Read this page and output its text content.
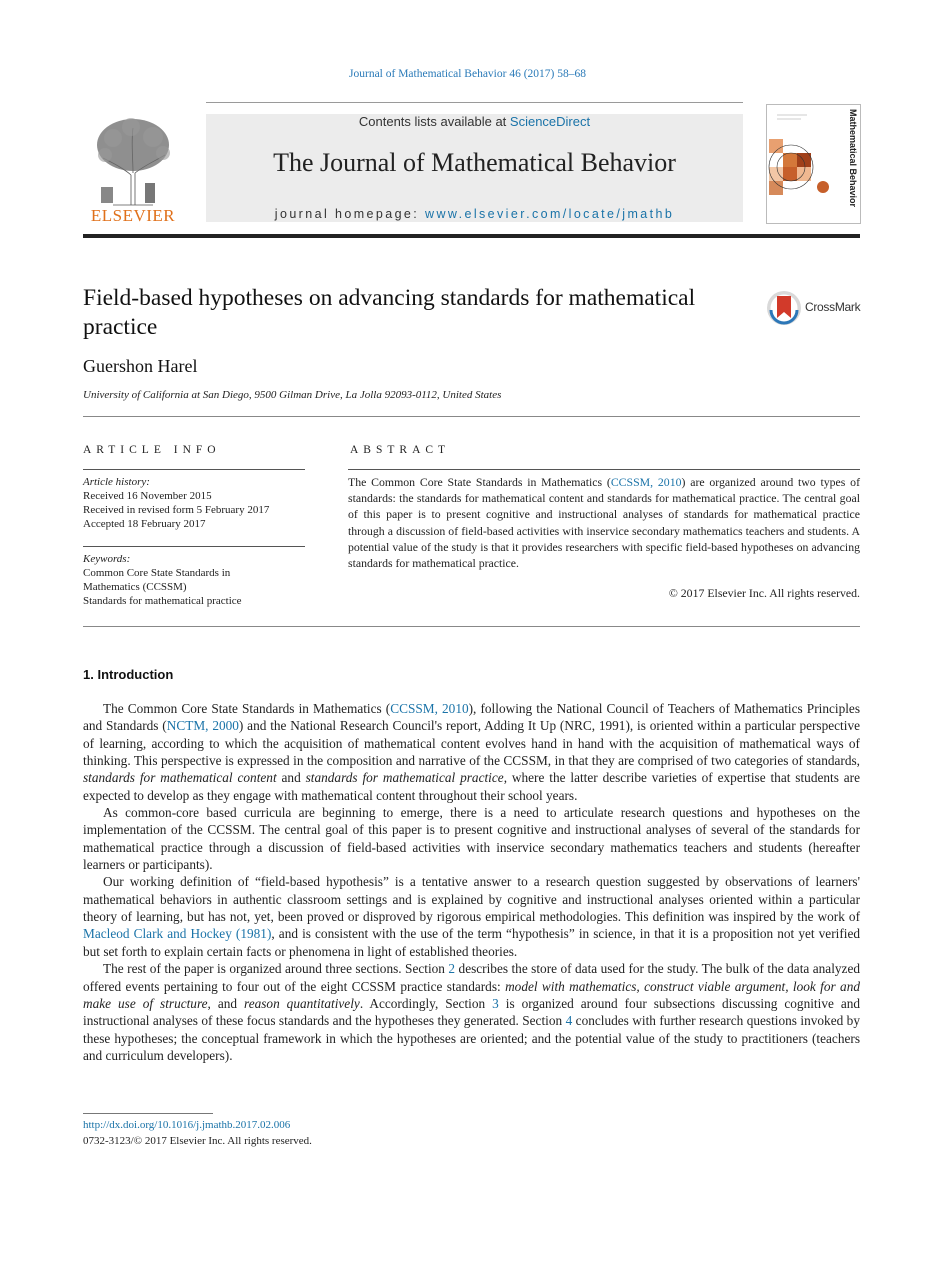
Journal of Mathematical Behavior 46 (2017) 58–68
ELSEVIER
Contents lists available at ScienceDirect
The Journal of Mathematical Behavior
journal homepage: www.elsevier.com/locate/jmathb
Mathematical Behavior
Field-based hypotheses on advancing standards for mathematical practice
CrossMark
Guershon Harel
University of California at San Diego, 9500 Gilman Drive, La Jolla 92093-0112, United States
ARTICLE INFO	ABSTRACT
Article history:
Received 16 November 2015
Received in revised form 5 February 2017
Accepted 18 February 2017
Keywords:
Common Core State Standards in Mathematics (CCSSM)
Standards for mathematical practice
The Common Core State Standards in Mathematics (CCSSM, 2010) are organized around two types of standards: the standards for mathematical content and standards for mathematical practice. The central goal of this paper is to present cognitive and instructional analyses of standards for mathematical practice through a discussion of field-based activities with inservice secondary mathematics teachers and students. A potential value of the study is that it provides researchers with specific field-based hypotheses on advancing standards for mathematical practice.
© 2017 Elsevier Inc. All rights reserved.
1. Introduction

The Common Core State Standards in Mathematics (CCSSM, 2010), following the National Council of Teachers of Mathematics Principles and Standards (NCTM, 2000) and the National Research Council's report, Adding It Up (NRC, 1991), is oriented within a particular perspective of learning, according to which the acquisition of mathematical content evolves hand in hand with the acquisition of mathematical ways of thinking. This perspective is expressed in the composition and narrative of the CCSSM, in that they are comprised of two categories of standards, standards for mathematical content and standards for mathematical practice, where the latter describe varieties of expertise that students are expected to develop as they engage with mathematical content throughout their school years.

As common-core based curricula are beginning to emerge, there is a need to articulate research questions and hypotheses on the implementation of the CCSSM. The central goal of this paper is to present cognitive and instructional analyses of several of the standards for mathematical practice through a discussion of field-based activities with inservice secondary mathematics teachers and students (hereafter learners or participants).

Our working definition of “field-based hypothesis” is a tentative answer to a research question suggested by observations of learners' mathematical behaviors in authentic classroom settings and is explained by cognitive and instructional analyses oriented within a particular theory of learning, but has not, yet, been proved or disproved by rigorous empirical methodologies. This definition was inspired by the work of Macleod Clark and Hockey (1981), and is consistent with the use of the term “hypothesis” in science, in that it is a proposition not yet verified but set forth to explain certain facts or phenomena in light of established theories.

The rest of the paper is organized around three sections. Section 2 describes the store of data used for the study. The bulk of the data analyzed offered events pertaining to four out of the eight CCSSM practice standards: model with mathematics, construct viable argument, look for and make use of structure, and reason quantitatively. Accordingly, Section 3 is organized around four subsections discussing cognitive and instructional analyses of these focus standards and the hypotheses they generated. Section 4 concludes with further research questions invoked by these hypotheses; the conceptual framework in which the hypotheses are oriented; and the potential value of the study to practitioners (teachers and curriculum developers).

http://dx.doi.org/10.1016/j.jmathb.2017.02.006
0732-3123/© 2017 Elsevier Inc. All rights reserved.
